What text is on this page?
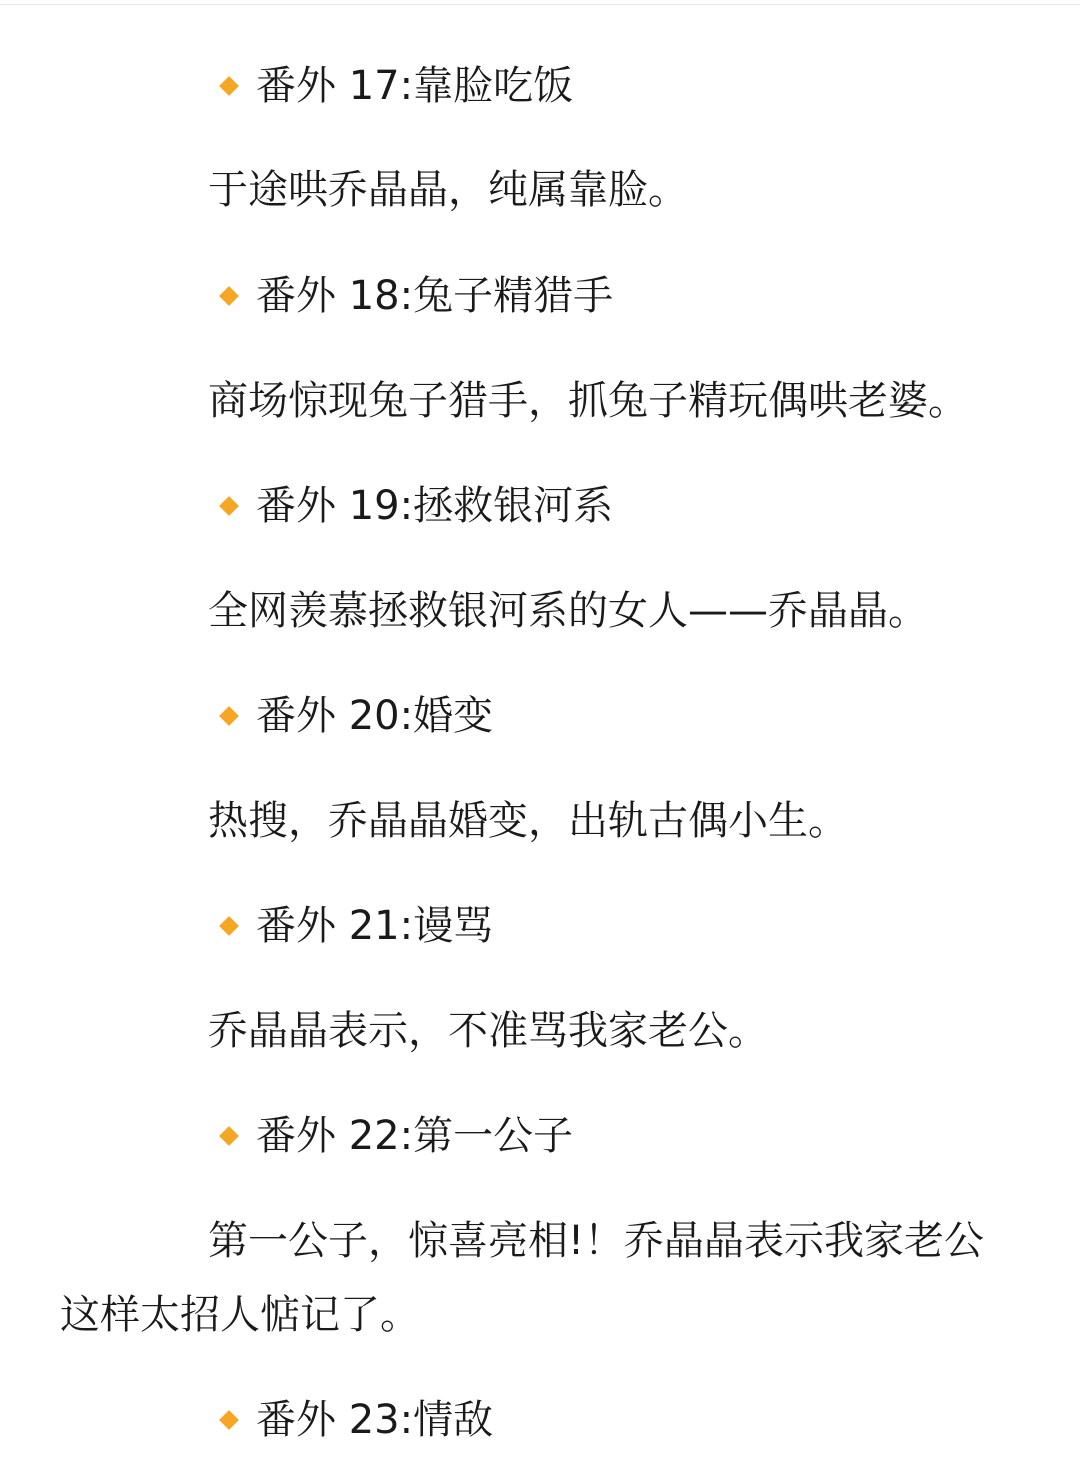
番外 17:靠脸吃饭
于途哄乔晶晶，纯属靠脸。
番外 18:兔子精猎手
商场惊现兔子猎手，抓兔子精玩偶哄老婆。
番外 19:拯救银河系
全网羡慕拯救银河系的女人——乔晶晶。
番外 20:婚变
热搜，乔晶晶婚变，出轨古偶小生。
番外 21:谩骂
乔晶晶表示，不准骂我家老公。
番外 22:第一公子
第一公子，惊喜亮相!！乔晶晶表示我家老公这样太招人惦记了。
番外 23:情敌
